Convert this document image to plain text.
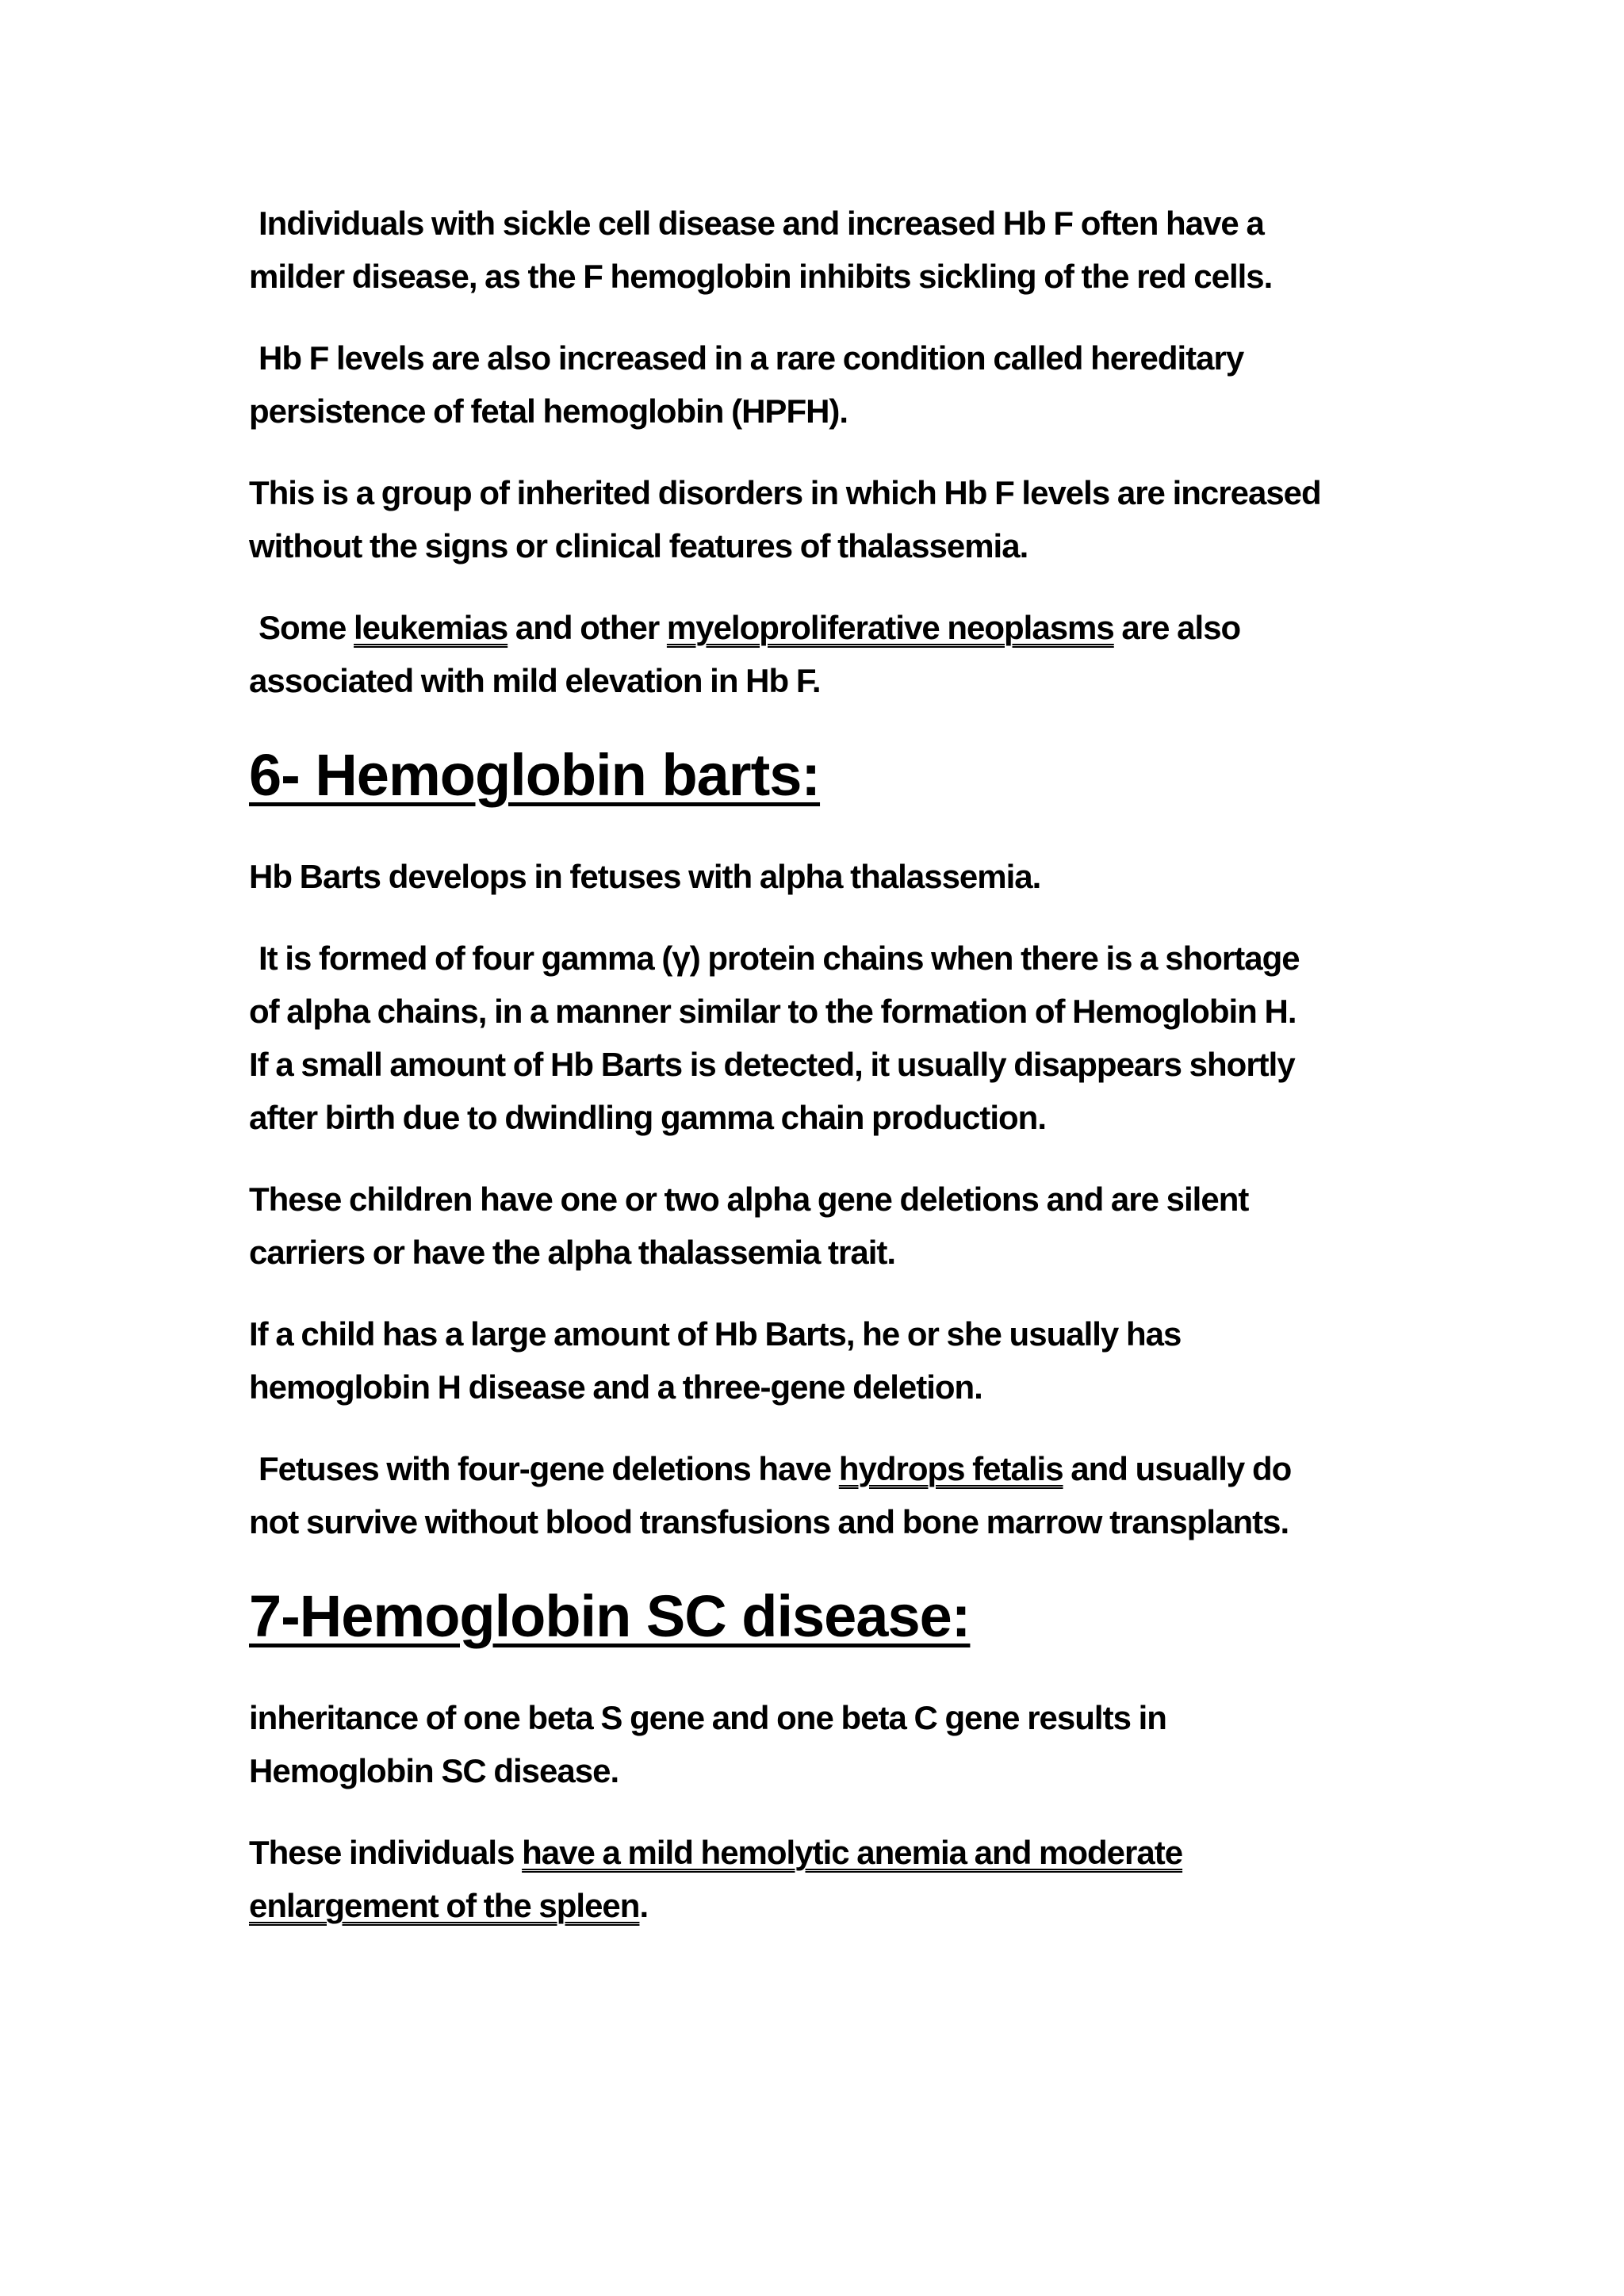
Individuals with sickle cell disease and increased Hb F often have a
milder disease, as the F hemoglobin inhibits sickling of the red cells.

Hb F levels are also increased in a rare condition called hereditary
persistence of fetal hemoglobin (HPFH).

This is a group of inherited disorders in which Hb F levels are increased
without the signs or clinical features of thalassemia.

Some leukemias and other myeloproliferative neoplasms are also
associated with mild elevation in Hb F.

6- Hemoglobin barts:

Hb Barts develops in fetuses with alpha thalassemia.

It is formed of four gamma (γ) protein chains when there is a shortage
of alpha chains, in a manner similar to the formation of Hemoglobin H.
If a small amount of Hb Barts is detected, it usually disappears shortly
after birth due to dwindling gamma chain production.

These children have one or two alpha gene deletions and are silent
carriers or have the alpha thalassemia trait.

If a child has a large amount of Hb Barts, he or she usually has
hemoglobin H disease and a three-gene deletion.

Fetuses with four-gene deletions have hydrops fetalis and usually do
not survive without blood transfusions and bone marrow transplants.

7-Hemoglobin SC disease:

inheritance of one beta S gene and one beta C gene results in
Hemoglobin SC disease.

These individuals have a mild hemolytic anemia and moderate
enlargement of the spleen.
